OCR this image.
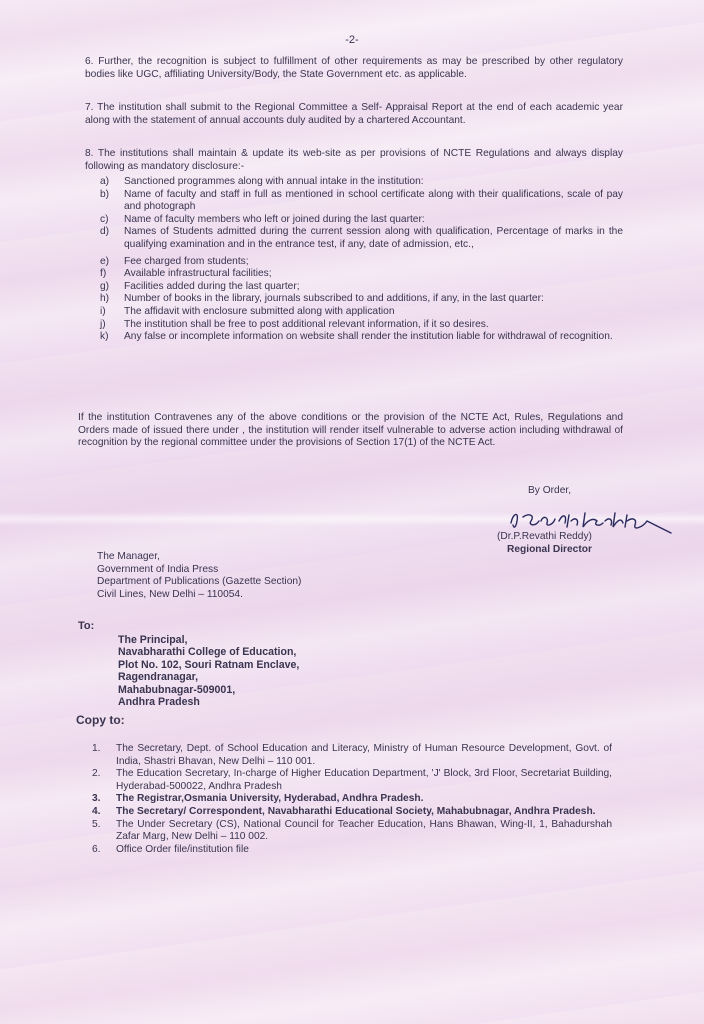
-2-
6. Further, the recognition is subject to fulfillment of other requirements as may be prescribed by other regulatory bodies like UGC, affiliating University/Body, the State Government etc. as applicable.
7. The institution shall submit to the Regional Committee a Self- Appraisal Report at the end of each academic year along with the statement of annual accounts duly audited by a chartered Accountant.
8. The institutions shall maintain & update its web-site as per provisions of NCTE Regulations and always display following as mandatory disclosure:-
a)	Sanctioned programmes along with annual intake in the institution:
b)	Name of faculty and staff in full as mentioned in school certificate along with their qualifications, scale of pay and photograph
c)	Name of faculty members who left or joined during the last quarter:
d)	Names of Students admitted during the current session along with qualification, Percentage of marks in the qualifying examination and in the entrance test, if any, date of admission, etc.,
e)	Fee charged from students;
f)	Available infrastructural facilities;
g)	Facilities added during the last quarter;
h)	Number of books in the library, journals subscribed to and additions, if any, in the last quarter:
i)	The affidavit with enclosure submitted along with application
j)	The institution shall be free to post additional relevant information, if it so desires.
k)	Any false or incomplete information on website shall render the institution liable for withdrawal of recognition.
If the institution Contravenes any of the above conditions or the provision of the NCTE Act, Rules, Regulations and Orders made of issued there under , the institution will render itself vulnerable to adverse action including withdrawal of recognition by the regional committee under the provisions of Section 17(1) of the NCTE Act.
By Order,
(Dr.P.Revathi Reddy)
Regional Director
The Manager,
Government of India Press
Department of Publications (Gazette Section)
Civil Lines, New Delhi – 110054.
To:
The Principal,
Navabharathi College of Education,
Plot No. 102, Souri Ratnam Enclave,
Ragendranagar,
Mahabubnagar-509001,
Andhra Pradesh
Copy to:
1.	The Secretary, Dept. of School Education and Literacy, Ministry of Human Resource Development, Govt. of India, Shastri Bhavan, New Delhi – 110 001.
2.	The Education Secretary, In-charge of Higher Education Department, 'J' Block, 3rd Floor, Secretariat Building, Hyderabad-500022, Andhra Pradesh
3.	The Registrar,Osmania University, Hyderabad, Andhra Pradesh.
4.	The Secretary/ Correspondent, Navabharathi Educational Society, Mahabubnagar, Andhra Pradesh.
5.	The Under Secretary (CS), National Council for Teacher Education, Hans Bhawan, Wing-II, 1, Bahadurshah Zafar Marg, New Delhi – 110 002.
6.	Office Order file/institution file
